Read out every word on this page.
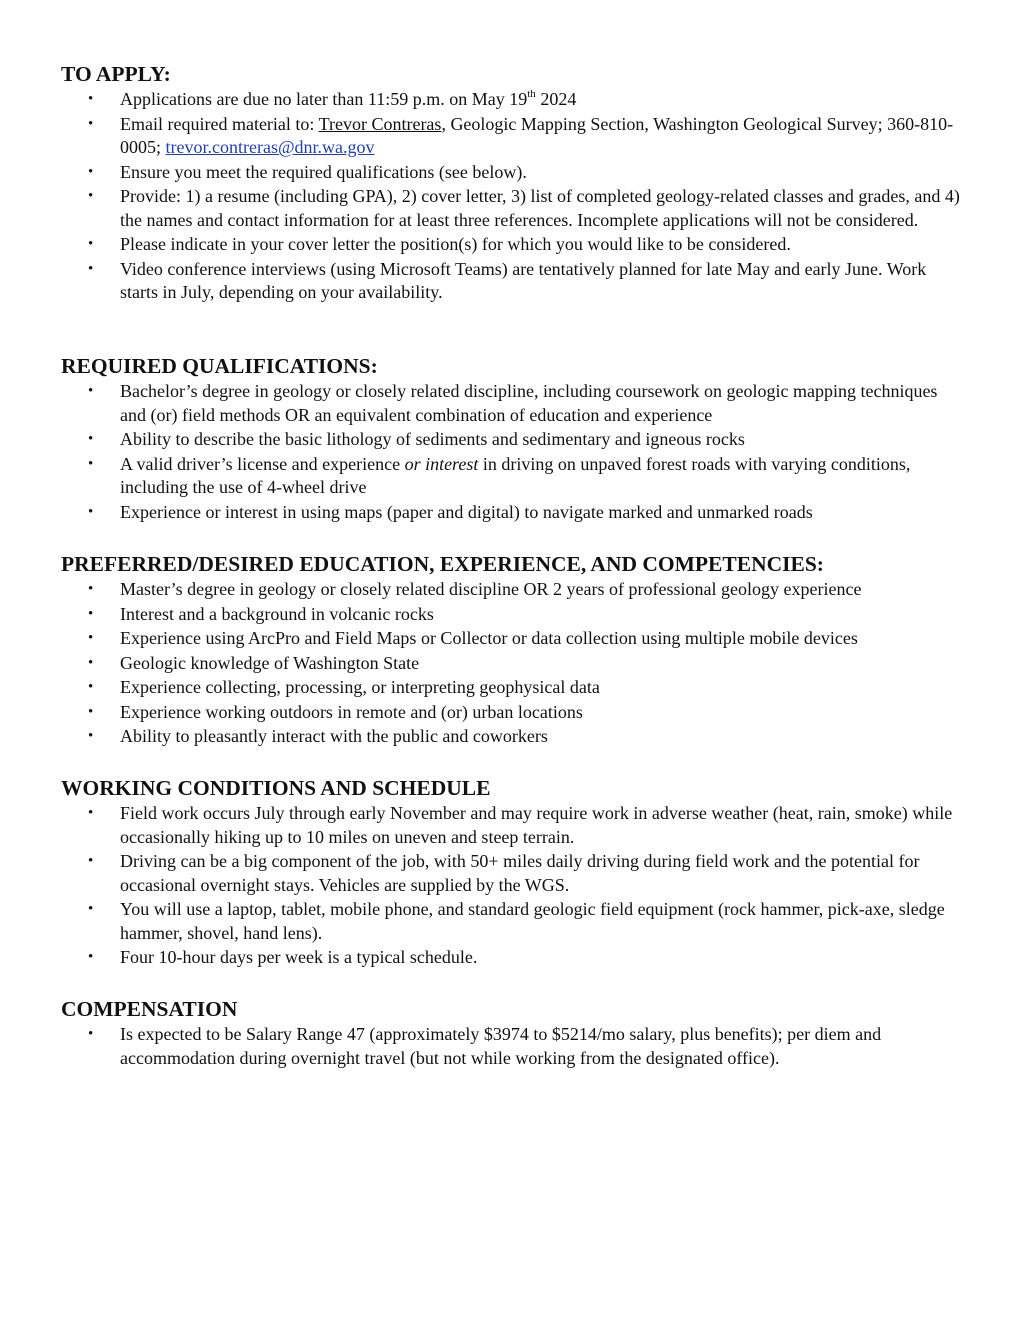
TO APPLY:
• Applications are due no later than 11:59 p.m. on May 19th 2024
• Email required material to: Trevor Contreras, Geologic Mapping Section, Washington Geological Survey; 360-810-0005; trevor.contreras@dnr.wa.gov
• Ensure you meet the required qualifications (see below).
• Provide: 1) a resume (including GPA), 2) cover letter, 3) list of completed geology-related classes and grades, and 4) the names and contact information for at least three references. Incomplete applications will not be considered.
• Please indicate in your cover letter the position(s) for which you would like to be considered.
• Video conference interviews (using Microsoft Teams) are tentatively planned for late May and early June. Work starts in July, depending on your availability.
REQUIRED QUALIFICATIONS:
• Bachelor’s degree in geology or closely related discipline, including coursework on geologic mapping techniques and (or) field methods OR an equivalent combination of education and experience
• Ability to describe the basic lithology of sediments and sedimentary and igneous rocks
• A valid driver’s license and experience or interest in driving on unpaved forest roads with varying conditions, including the use of 4-wheel drive
• Experience or interest in using maps (paper and digital) to navigate marked and unmarked roads
PREFERRED/DESIRED EDUCATION, EXPERIENCE, AND COMPETENCIES:
• Master’s degree in geology or closely related discipline OR 2 years of professional geology experience
• Interest and a background in volcanic rocks
• Experience using ArcPro and Field Maps or Collector or data collection using multiple mobile devices
• Geologic knowledge of Washington State
• Experience collecting, processing, or interpreting geophysical data
• Experience working outdoors in remote and (or) urban locations
• Ability to pleasantly interact with the public and coworkers
WORKING CONDITIONS AND SCHEDULE
• Field work occurs July through early November and may require work in adverse weather (heat, rain, smoke) while occasionally hiking up to 10 miles on uneven and steep terrain.
• Driving can be a big component of the job, with 50+ miles daily driving during field work and the potential for occasional overnight stays. Vehicles are supplied by the WGS.
• You will use a laptop, tablet, mobile phone, and standard geologic field equipment (rock hammer, pick-axe, sledge hammer, shovel, hand lens).
• Four 10-hour days per week is a typical schedule.
COMPENSATION
• Is expected to be Salary Range 47 (approximately $3974 to $5214/mo salary, plus benefits); per diem and accommodation during overnight travel (but not while working from the designated office).
